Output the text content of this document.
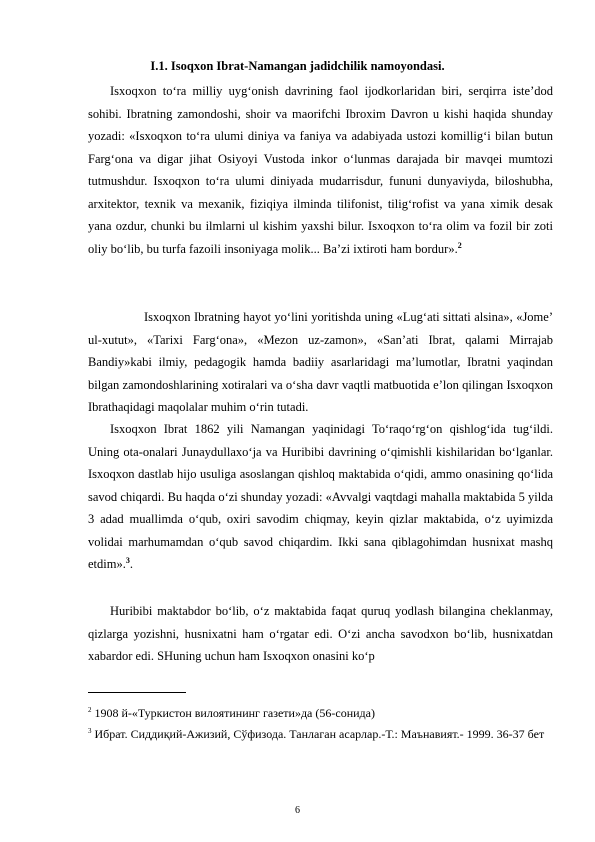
I.1. Isoqxon Ibrat-Namangan jadidchilik namoyondasi.

Isxoqxon to‘ra milliy uyg‘onish davrining faol ijodkorlaridan biri, serqirra iste’dod sohibi. Ibratning zamondoshi, shoir va maorifchi Ibroxim Davron u kishi haqida shunday yozadi: «Isxoqxon to‘ra ulumi diniya va faniya va adabiyada ustozi komillig‘i bilan butun Farg‘ona va digar jihat Osiyoyi Vustoda inkor o‘lunmas darajada bir mavqei mumtozi tutmushdur. Isxoqxon to‘ra ulumi diniyada mudarrisdur, fununi dunyaviyda, biloshubha, arxitektor, texnik va mexanik, fiziqiya ilminda tilifonist, tilig‘rofist va yana ximik desak yana ozdur, chunki bu ilmlarni ul kishim yaxshi bilur. Isxoqxon to‘ra olim va fozil bir zoti oliy bo‘lib, bu turfa fazoili insoniyaga molik... Ba’zi ixtiroti ham bordur».$^2$

Isxoqxon Ibratning hayot yo‘lini yoritishda uning «Lug‘ati sittati alsina», «Jome’ ul-xutut», «Tarixi Farg‘ona», «Mezon uz-zamon», «San’ati Ibrat, qalami Mirrajab Bandiy»kabi ilmiy, pedagogik hamda badiiy asarlaridagi ma’lumotlar, Ibratni yaqindan bilgan zamondoshlarining xotiralari va o‘sha davr vaqtli matbuotida e’lon qilingan Isxoqxon Ibrathaqidagi maqolalar muhim o‘rin tutadi.

Isxoqxon Ibrat 1862 yili Namangan yaqinidagi To‘raqo‘rg‘on qishlog‘ida tug‘ildi. Uning ota-onalari Junaydullaxo‘ja va Huribibi davrining o‘qimishli kishilaridan bo‘lganlar. Isxoqxon dastlab hijo usuliga asoslangan qishloq maktabida o‘qidi, ammo onasining qo‘lida savod chiqardi. Bu haqda o‘zi shunday yozadi: «Avvalgi vaqtdagi mahalla maktabida 5 yilda 3 adad muallimda o‘qub, oxiri savodim chiqmay, keyin qizlar maktabida, o‘z uyimizda volidai marhumamdan o‘qub savod chiqardim. Ikki sana qiblagohimdan husnixat mashq etdim».$^3$.

Huribibi maktabdor bo‘lib, o‘z maktabida faqat quruq yodlash bilangina cheklanmay, qizlarga yozishni, husnixatni ham o‘rgatar edi. O‘zi ancha savodxon bo‘lib, husnixatdan xabardor edi. SHuning uchun ham Isxoqxon onasini ko‘p

$^2$ 1908 й-«Туркистон вилоятининг газети»да (56-сонида)

$^3$ Ибрат. Сиддиқий-Ажизий, Сўфизода. Танлаган асарлар.-Т.: Маънавият.- 1999. 36-37 бет

6
